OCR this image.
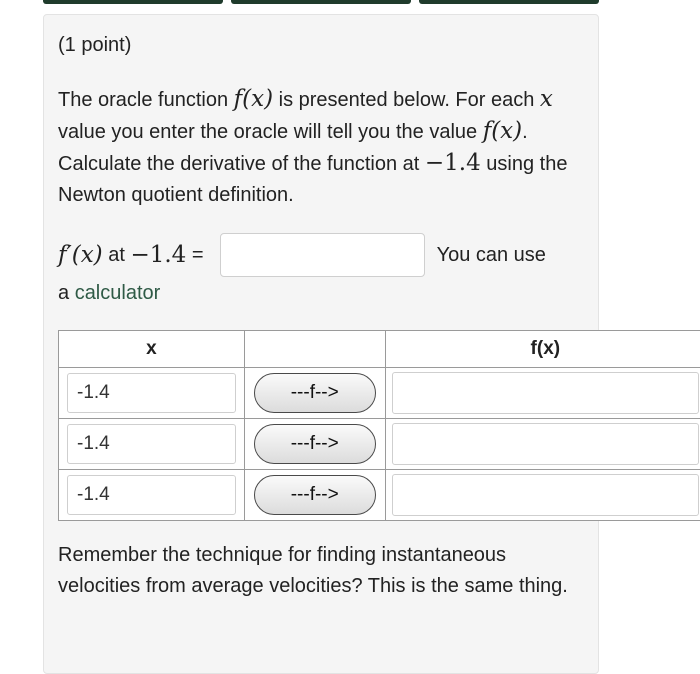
(1 point)
The oracle function f(x) is presented below. For each x value you enter the oracle will tell you the value f(x). Calculate the derivative of the function at −1.4 using the Newton quotient definition.
f′(x) at −1.4 =	You can use
a calculator
x		f(x)

-1.4	---f-->	

-1.4	---f-->	

-1.4	---f-->	

Remember the technique for finding instantaneous velocities from average velocities? This is the same thing.
